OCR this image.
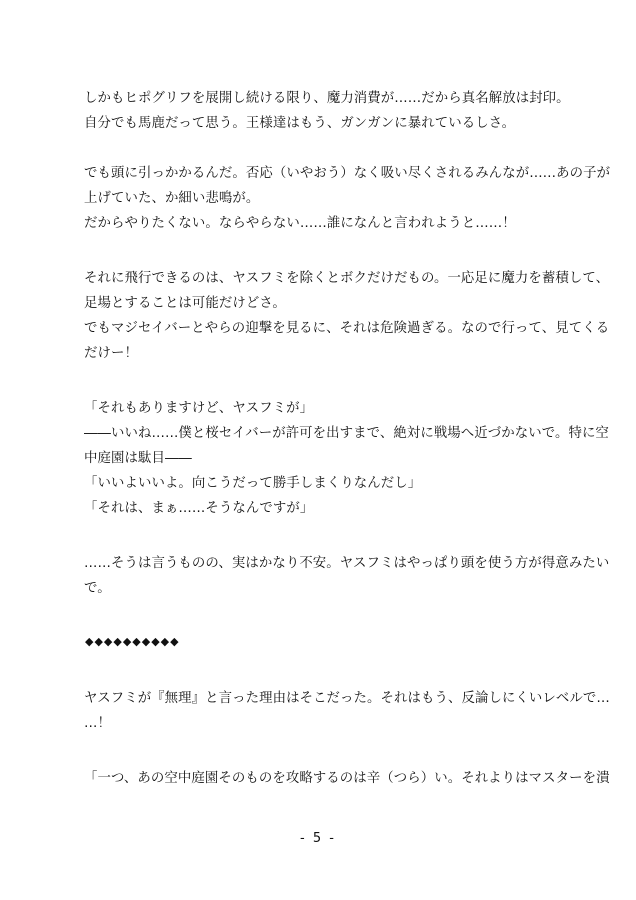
しかもヒポグリフを展開し続ける限り、魔力消費が……だから真名解放は封印。
自分でも馬鹿だって思う。王様達はもう、ガンガンに暴れているしさ。
でも頭に引っかかるんだ。否応（いやおう）なく吸い尽くされるみんなが……あの子が
上げていた、か細い悲鳴が。
だからやりたくない。ならやらない……誰になんと言われようと……！
それに飛行できるのは、ヤスフミを除くとボクだけだもの。一応足に魔力を蓄積して、
足場とすることは可能だけどさ。
でもマジセイバーとやらの迎撃を見るに、それは危険過ぎる。なので行って、見てくる
だけー！
「それもありますけど、ヤスフミが」
――いいね……僕と桜セイバーが許可を出すまで、絶対に戦場へ近づかないで。特に空
中庭園は駄目――
「いいよいいよ。向こうだって勝手しまくりなんだし」
「それは、まぁ……そうなんですが」
……そうは言うものの、実はかなり不安。ヤスフミはやっぱり頭を使う方が得意みたい
で。
◆◆◆◆◆◆◆◆◆◆
ヤスフミが『無理』と言った理由はそこだった。それはもう、反論しにくいレベルで…
…！
「一つ、あの空中庭園そのものを攻略するのは辛（つら）い。それよりはマスターを潰
- 5 -
